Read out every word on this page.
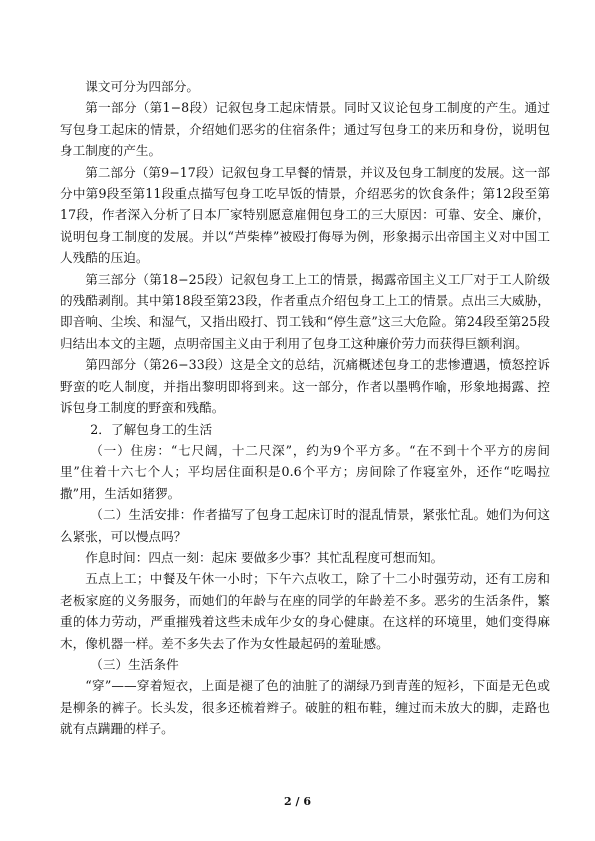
课文可分为四部分。

第一部分（第1−8段）记叙包身工起床情景。同时又议论包身工制度的产生。通过写包身工起床的情景，介绍她们恶劣的住宿条件；通过写包身工的来历和身份，说明包身工制度的产生。

第二部分（第9−17段）记叙包身工早餐的情景，并议及包身工制度的发展。这一部分中第9段至第11段重点描写包身工吃早饭的情景，介绍恶劣的饮食条件；第12段至第17段，作者深入分析了日本厂家特别愿意雇佣包身工的三大原因：可靠、安全、廉价，说明包身工制度的发展。并以“芦柴棒”被殴打侮辱为例，形象揭示出帝国主义对中国工人残酷的压迫。

第三部分（第18−25段）记叙包身工上工的情景，揭露帝国主义工厂对于工人阶级的残酷剥削。其中第18段至第23段，作者重点介绍包身工上工的情景。点出三大威胁，即音响、尘埃、和湿气，又指出殴打、罚工钱和“停生意”这三大危险。第24段至第25段归结出本文的主题，点明帝国主义由于利用了包身工这种廉价劳力而获得巨额利润。

第四部分（第26−33段）这是全文的总结，沉痛概述包身工的悲惨遭遇，愤怒控诉野蛮的吃人制度，并指出黎明即将到来。这一部分，作者以墨鸭作喻，形象地揭露、控诉包身工制度的野蛮和残酷。

2．了解包身工的生活

（一）住房：“七尺阔，十二尺深”，约为9个平方多。“在不到十个平方的房间里”住着十六七个人；平均居住面积是0.6个平方；房间除了作寝室外，还作“吃喝拉撒”用，生活如猪猡。

（二）生活安排：作者描写了包身工起床订时的混乱情景，紧张忙乱。她们为何这么紧张，可以慢点吗？

作息时间：四点一刻：起床 要做多少事？其忙乱程度可想而知。

五点上工；中餐及午休一小时；下午六点收工，除了十二小时强劳动，还有工房和老板家庭的义务服务，而她们的年龄与在座的同学的年龄差不多。恶劣的生活条件，繁重的体力劳动，严重摧残着这些未成年少女的身心健康。在这样的环境里，她们变得麻木，像机器一样。差不多失去了作为女性最起码的羞耻感。

（三）生活条件

“穿”——穿着短衣，上面是褪了色的油脏了的湖绿乃到青莲的短衫，下面是无色或是柳条的裤子。长头发，很多还梳着辫子。破脏的粗布鞋，缠过而未放大的脚，走路也就有点蹒跚的样子。

2 / 6
